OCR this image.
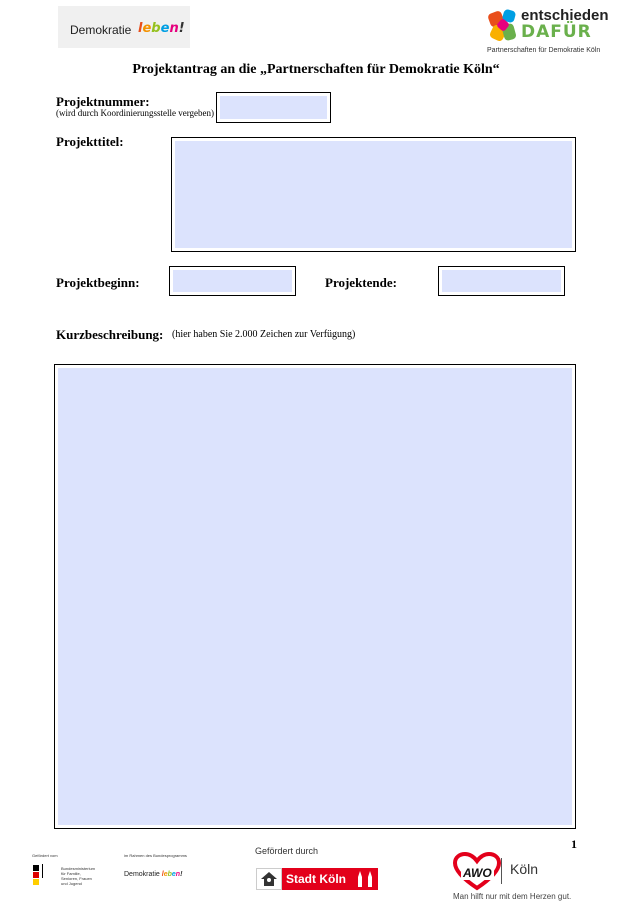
Demokratie leben!
entschieden
DAFÜR
Partnerschaften für Demokratie Köln
Projektantrag an die „Partnerschaften für Demokratie Köln“
Projektnummer:
(wird durch Koordinierungsstelle vergeben)
Projekttitel:
Projektbeginn:	Projektende:
Kurzbeschreibung: (hier haben Sie 2.000 Zeichen zur Verfügung)
1
Gefördert vom
Bundesministerium für Familie, Senioren, Frauen und Jugend
im Rahmen des Bundesprogramms
Demokratie leben!
Gefördert durch
Stadt Köln	AWO Köln
Man hilft nur mit dem Herzen gut.
